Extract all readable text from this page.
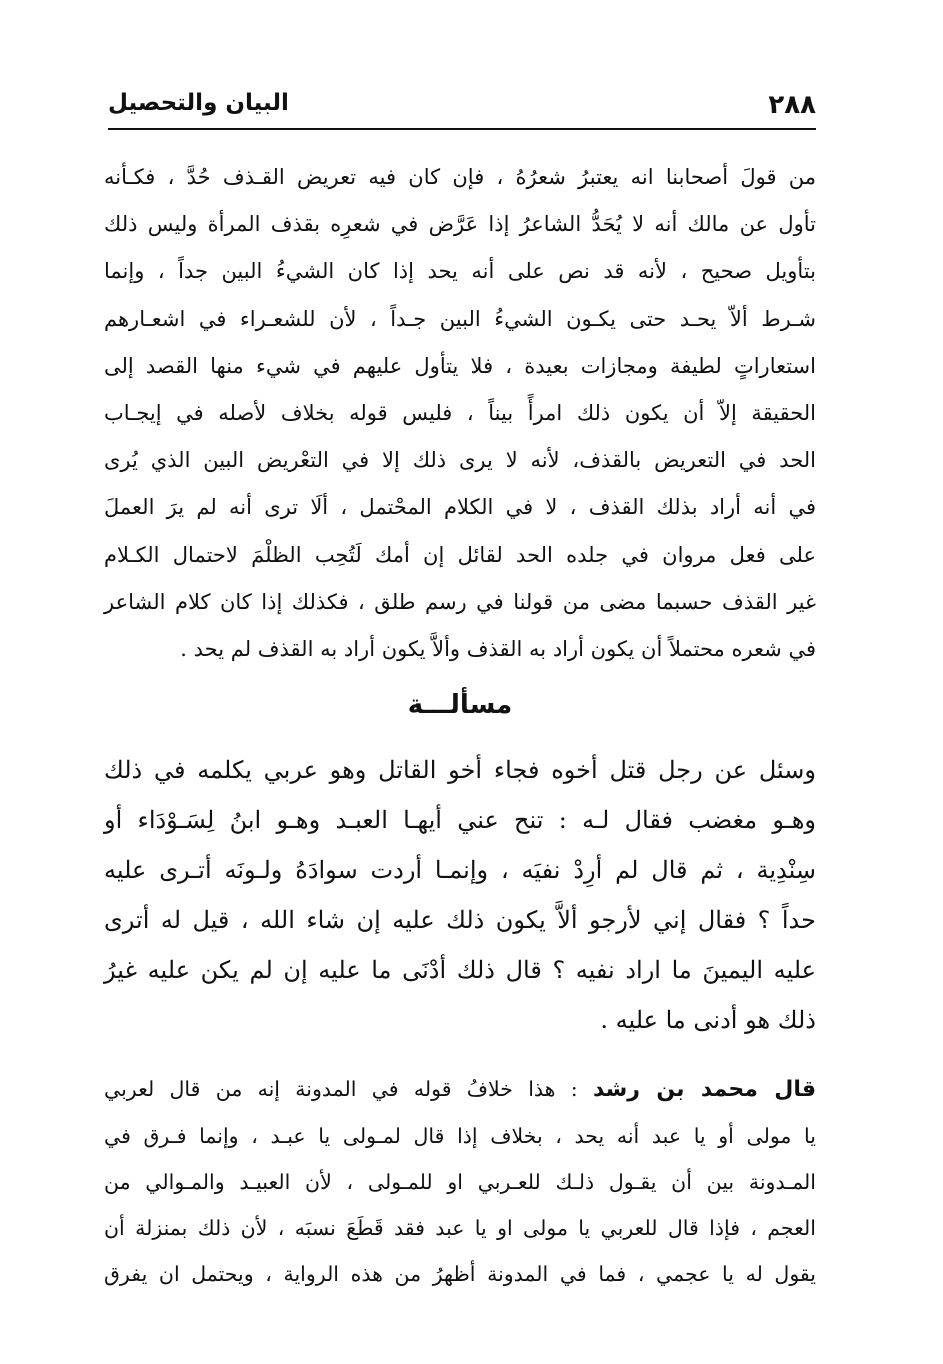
٢٨٨
البيان والتحصيل
من قولَ أصحابنا انه يعتبرُ شعرُهُ ، فإن كان فيه تعريض القـذف حُدَّ ، فكـأنه
تأول عن مالك أنه لا يُحَدُّ الشاعرُ إذا عَرَّض في شعرِه بقذف المرأة وليس ذلك
بتأويل صحيح ، لأنه قد نص على أنه يحد إذا كان الشيءُ البين جداً ، وإنما
شـرط ألاّ يحـد حتى يكـون الشيءُ البين جـداً ، لأن للشعـراء في اشعـارهم
استعاراتٍ لطيفة ومجازات بعيدة ، فلا يتأول عليهم في شيء منها القصد إلى
الحقيقة إلاّ أن يكون ذلك امرأً بيناً ، فليس قوله بخلاف لأصله في إيجـاب
الحد في التعريض بالقذف، لأنه لا يرى ذلك إلا في التعْريض البين الذي يُرى
في أنه أراد بذلك القذف ، لا في الكلام المحْتمل ، ألَا ترى أنه لم يرَ العملَ
على فعل مروان في جلده الحد لقائل إن أمك لَتُحِب الظلْمَ لاحتمال الكـلام
غير القذف حسبما مضى من قولنا في رسم طلق ، فكذلك إذا كان كلام الشاعر
في شعره محتملاً أن يكون أراد به القذف وألاَّ يكون أراد به القذف لم يحد .
مسألـــة
وسئل عن رجل قتل أخوه فجاء أخو القاتل وهو عربي يكلمه في ذلك
وهـو مغضب فقال لـه : تنح عني أيهـا العبـد وهـو ابنُ لِسَـوْدَاء أو
سِنْدِية ، ثم قال لم أرِدْ نفيَه ، وإنمـا أردت سوادَهُ ولـونَه أتـرى عليه
حداً ؟ فقال إني لأرجو ألاَّ يكون ذلك عليه إن شاء الله ، قيل له أترى
عليه اليمينَ ما اراد نفيه ؟ قال ذلك أدْنَى ما عليه إن لم يكن عليه غيرُ
ذلك هو أدنى ما عليه .
قال محمد بن رشد : هذا خلافُ قوله في المدونة إنه من قال لعربي
يا مولى أو يا عبد أنه يحد ، بخلاف إذا قال لمـولى يا عبـد ، وإنما فـرق في
المـدونة بين أن يقـول ذلـك للعـربي او للمـولى ، لأن العبيـد والمـوالي من
العجم ، فإذا قال للعربي يا مولى او يا عبد فقد قَطَعَ نسبَه ، لأن ذلك بمنزلة أن
يقول له يا عجمي ، فما في المدونة أظهرُ من هذه الرواية ، ويحتمل ان يفرق
